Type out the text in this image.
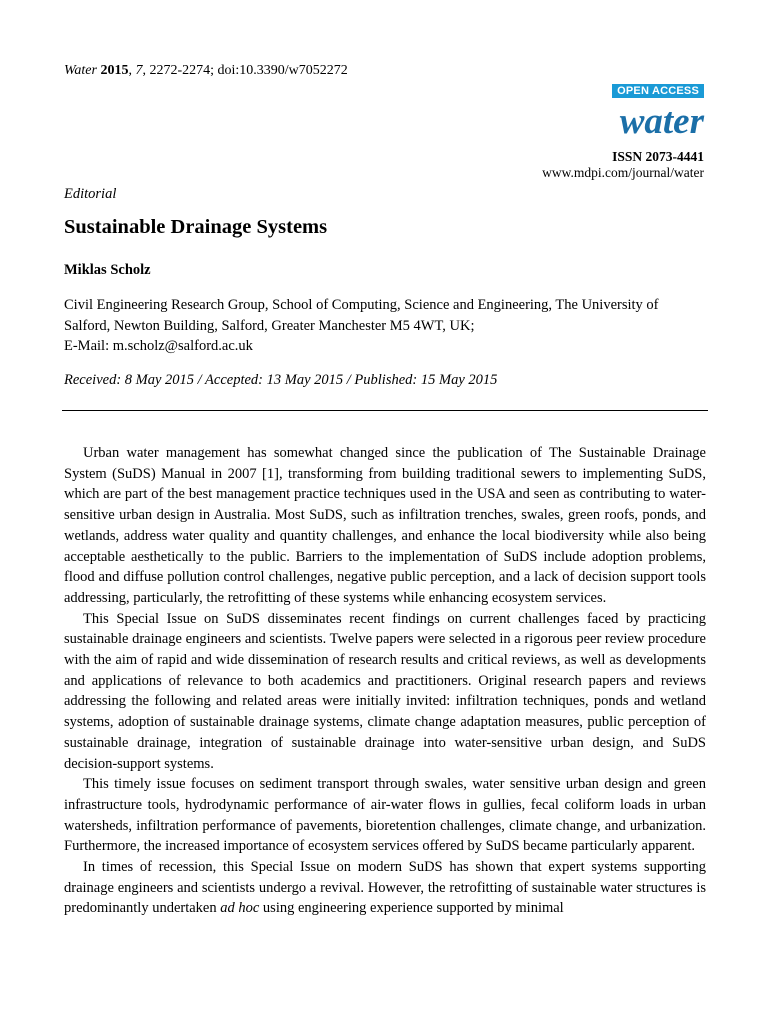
Water 2015, 7, 2272-2274; doi:10.3390/w7052272
OPEN ACCESS
water
ISSN 2073-4441
www.mdpi.com/journal/water
Editorial
Sustainable Drainage Systems
Miklas Scholz
Civil Engineering Research Group, School of Computing, Science and Engineering, The University of Salford, Newton Building, Salford, Greater Manchester M5 4WT, UK;
E-Mail: m.scholz@salford.ac.uk
Received: 8 May 2015 / Accepted: 13 May 2015 / Published: 15 May 2015

Urban water management has somewhat changed since the publication of The Sustainable Drainage System (SuDS) Manual in 2007 [1], transforming from building traditional sewers to implementing SuDS, which are part of the best management practice techniques used in the USA and seen as contributing to water-sensitive urban design in Australia. Most SuDS, such as infiltration trenches, swales, green roofs, ponds, and wetlands, address water quality and quantity challenges, and enhance the local biodiversity while also being acceptable aesthetically to the public. Barriers to the implementation of SuDS include adoption problems, flood and diffuse pollution control challenges, negative public perception, and a lack of decision support tools addressing, particularly, the retrofitting of these systems while enhancing ecosystem services.

This Special Issue on SuDS disseminates recent findings on current challenges faced by practicing sustainable drainage engineers and scientists. Twelve papers were selected in a rigorous peer review procedure with the aim of rapid and wide dissemination of research results and critical reviews, as well as developments and applications of relevance to both academics and practitioners. Original research papers and reviews addressing the following and related areas were initially invited: infiltration techniques, ponds and wetland systems, adoption of sustainable drainage systems, climate change adaptation measures, public perception of sustainable drainage, integration of sustainable drainage into water-sensitive urban design, and SuDS decision-support systems.

This timely issue focuses on sediment transport through swales, water sensitive urban design and green infrastructure tools, hydrodynamic performance of air-water flows in gullies, fecal coliform loads in urban watersheds, infiltration performance of pavements, bioretention challenges, climate change, and urbanization. Furthermore, the increased importance of ecosystem services offered by SuDS became particularly apparent.

In times of recession, this Special Issue on modern SuDS has shown that expert systems supporting drainage engineers and scientists undergo a revival. However, the retrofitting of sustainable water structures is predominantly undertaken ad hoc using engineering experience supported by minimal
